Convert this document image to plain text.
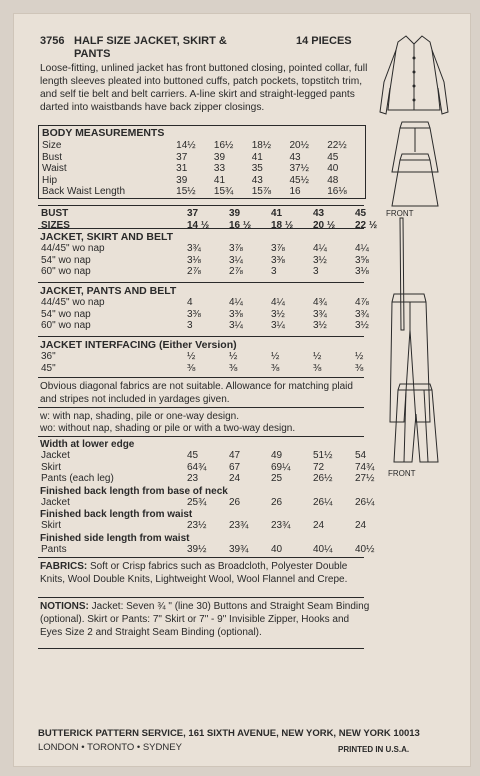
3756 HALF SIZE JACKET, SKIRT & PANTS
14 PIECES
Loose-fitting, unlined jacket has front buttoned closing, pointed collar, full length sleeves pleated into buttoned cuffs, patch pockets, topstitch trim, and self tie belt and belt carriers. A-line skirt and straight-legged pants darted into waistbands have back zipper closings.
BODY MEASUREMENTS
Size	14½	16½	18½	20½	22½
Bust	37	39	41	43	45
Waist	31	33	35	37½	40
Hip	39	41	43	45½	48
Back Waist Length	15½	15¾	15⅞	16	16⅛
BUST	37	39	41	43	45
SIZES	14 ½	16 ½	18 ½	20 ½	22 ½
JACKET, SKIRT AND BELT
44/45" wo nap	3¾	3⅞	3⅞	4¼	4¼
54" wo nap	3⅛	3¼	3⅜	3½	3⅝
60" wo nap	2⅞	2⅞	3	3	3⅛
JACKET, PANTS AND BELT
44/45" wo nap	4	4¼	4¼	4¾	4⅞
54" wo nap	3⅜	3⅜	3½	3¾	3¾
60" wo nap	3	3¼	3¼	3½	3½
JACKET INTERFACING (Either Version)
36"	½	½	½	½	½
45"	⅜	⅜	⅜	⅜	⅜
Obvious diagonal fabrics are not suitable. Allowance for matching plaid and stripes not included in yardages given.
w: with nap, shading, pile or one-way design.
wo: without nap, shading or pile or with a two-way design.
Width at lower edge
Jacket	45	47	49	51½	54
Skirt	64¾	67	69¼	72	74¾
Pants (each leg)	23	24	25	26½	27½
Finished back length from base of neck
Jacket	25¾	26	26	26¼	26¼
Finished back length from waist
Skirt	23½	23¾	23¾	24	24
Finished side length from waist
Pants	39½	39¾	40	40¼	40½
FABRICS: Soft or Crisp fabrics such as Broadcloth, Polyester Double Knits, Wool Double Knits, Lightweight Wool, Wool Flannel and Crepe.
NOTIONS: Jacket: Seven ¾ " (line 30) Buttons and Straight Seam Binding (optional). Skirt or Pants: 7" Skirt or 7" - 9" Invisible Zipper, Hooks and Eyes Size 2 and Straight Seam Binding (optional).
BUTTERICK PATTERN SERVICE, 161 SIXTH AVENUE, NEW YORK, NEW YORK 10013
LONDON • TORONTO • SYDNEY	PRINTED IN U.S.A.
FRONT
FRONT
